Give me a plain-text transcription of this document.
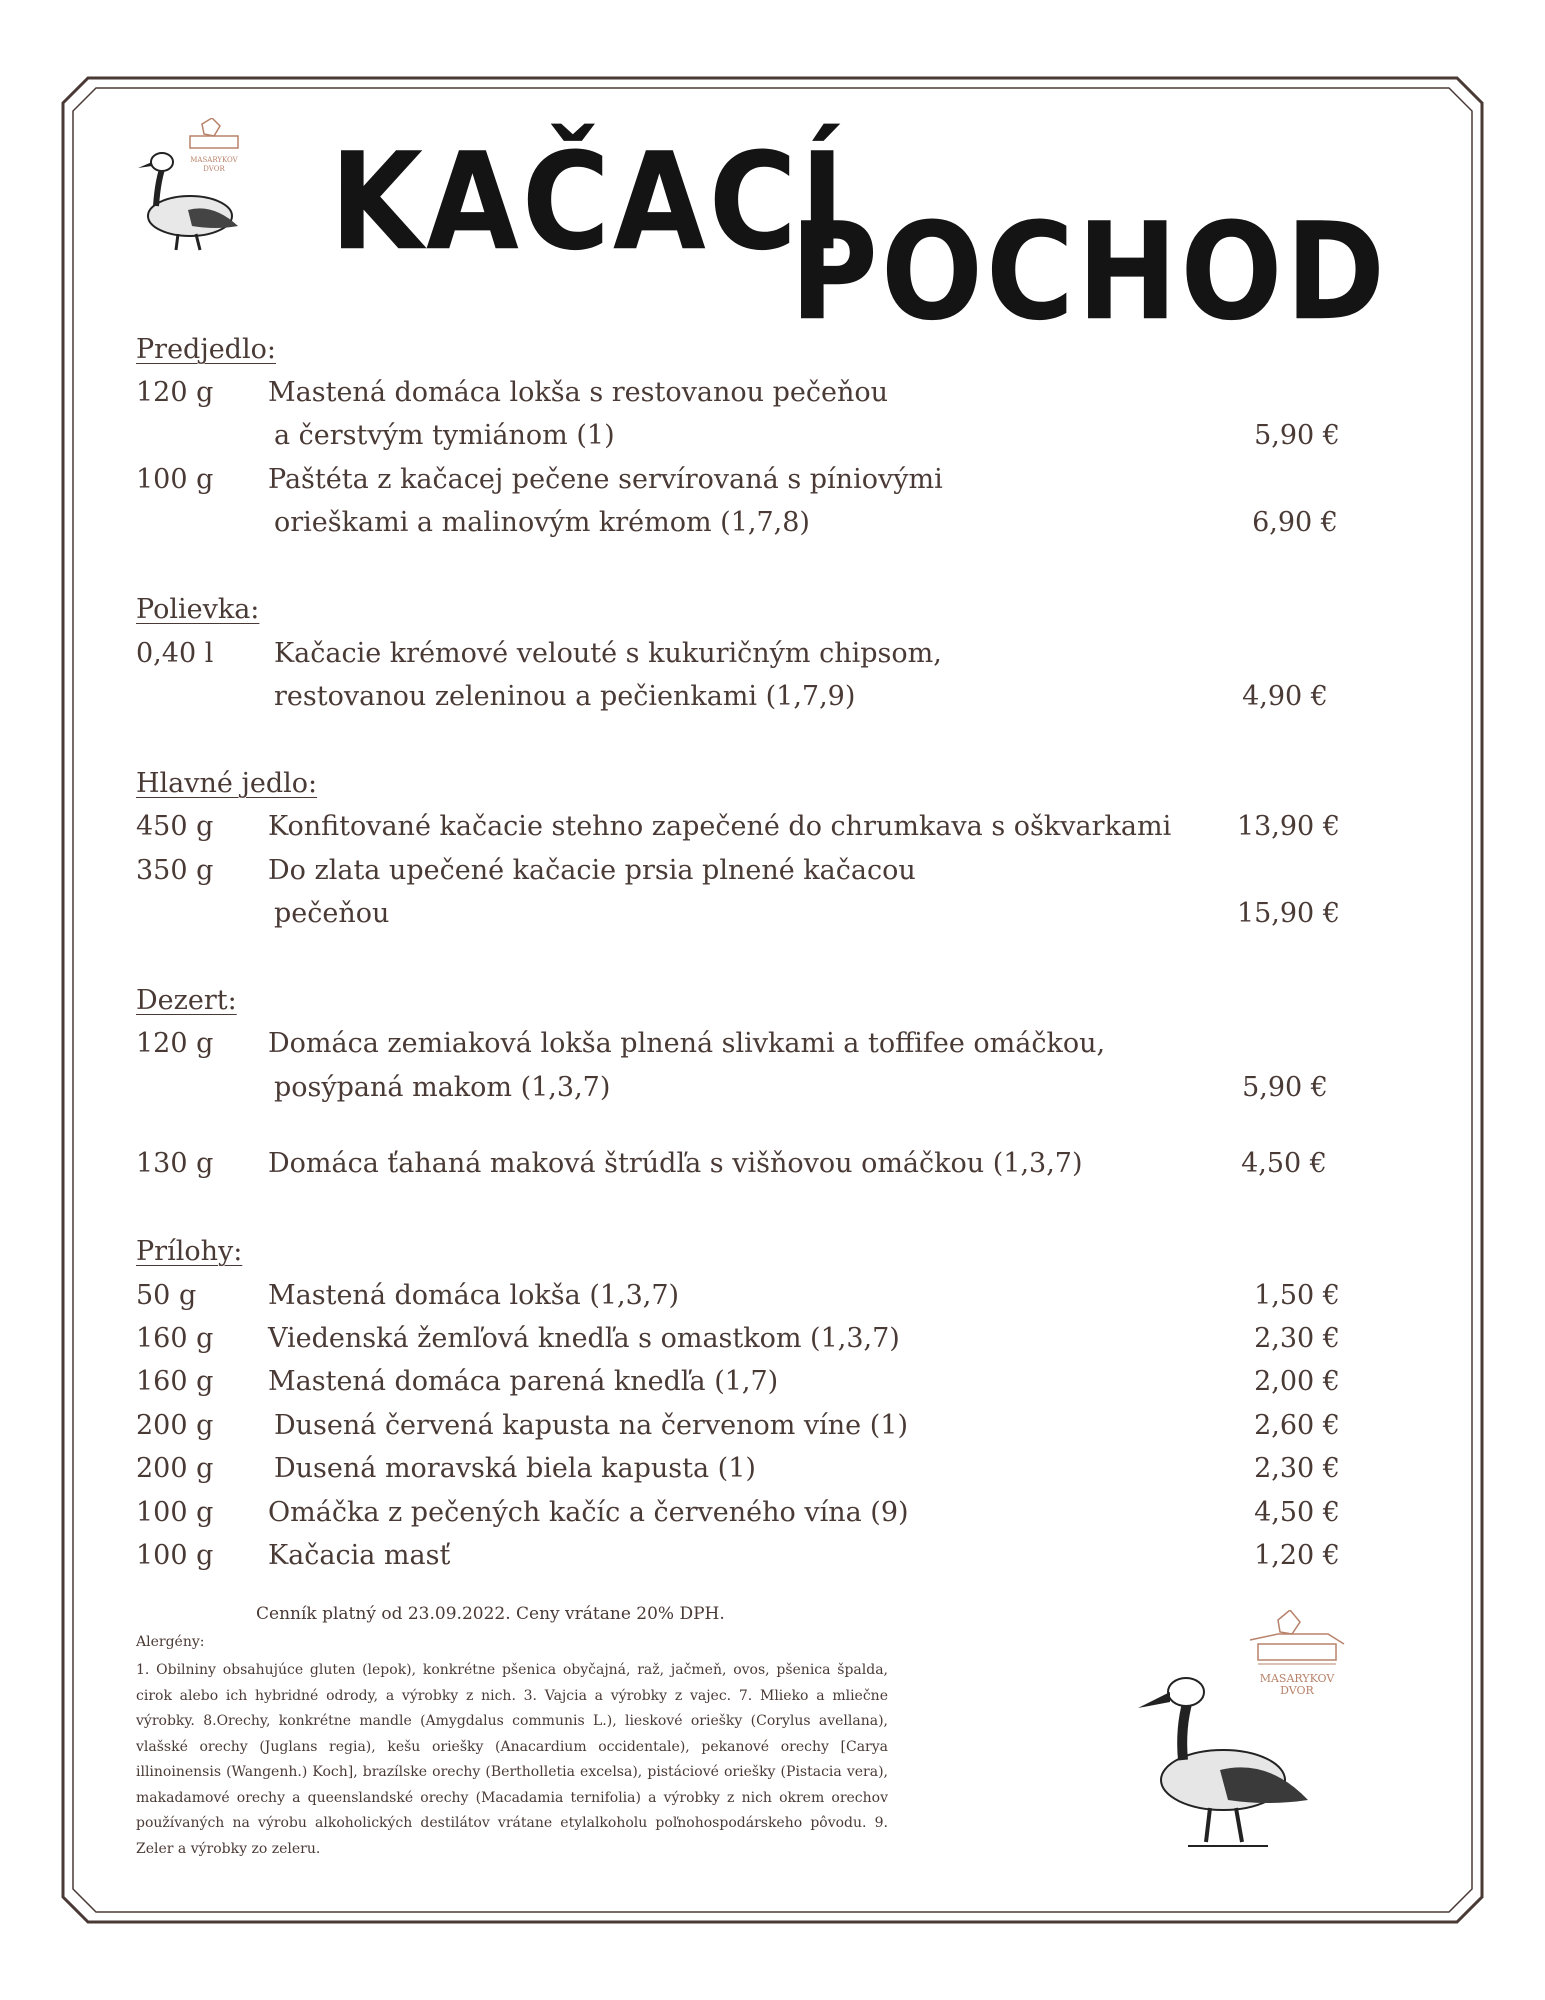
MASARYKOV
DVOR KAČACÍ
POCHOD
Predjedlo:
120 g Mastená domáca lokša s restovanou pečeňou
a čerstvým tymiánom (1)	5,90 €
100 g Paštéta z kačacej pečene servírovaná s píniovými
orieškami a malinovým krémom (1,7,8)	6,90 €
Polievka:
0,40 l Kačacie krémové velouté s kukuričným chipsom,
restovanou zeleninou a pečienkami (1,7,9)	4,90 €
Hlavné jedlo:
450 g Konfitované kačacie stehno zapečené do chrumkava s oškvarkami 13,90 €
350 g Do zlata upečené kačacie prsia plnené kačacou
pečeňou	15,90 €
Dezert:
120 g Domáca zemiaková lokša plnená slivkami a toffifee omáčkou,
posýpaná makom (1,3,7)	5,90 €
130 g Domáca ťahaná maková štrúdľa s višňovou omáčkou (1,3,7)	4,50 €
Prílohy:
50 g	Mastená domáca lokša (1,3,7)	1,50 €
160 g Viedenská žemľová knedľa s omastkom (1,3,7)	2,30 €
160 g Mastená domáca parená knedľa (1,7)	2,00 €
200 g Dusená červená kapusta na červenom víne (1)	2,60 €
200 g Dusená moravská biela kapusta (1)	2,30 €
100 g Omáčka z pečených kačíc a červeného vína (9)	4,50 €
100 g Kačacia masť	1,20 €
Cenník platný od 23.09.2022. Ceny vrátane 20% DPH.
Alergény:
1. Obilniny obsahujúce gluten (lepok), konkrétne pšenica obyčajná, raž, jačmeň, ovos, pšenica špalda, cirok alebo ich hybridné odrody, a výrobky z nich. 3. Vajcia a výrobky z vajec. 7. Mlieko a mliečne výrobky. 8.Orechy, konkrétne mandle (Amygdalus communis L.), lieskové oriešky (Corylus avellana), vlašské orechy (Juglans regia), kešu oriešky (Anacardium occidentale), pekanové orechy [Carya illinoinensis (Wangenh.) Koch], brazílske orechy (Bertholletia excelsa), pistáciové oriešky (Pistacia vera), makadamové orechy a queenslandské orechy (Macadamia ternifolia) a výrobky z nich okrem orechov používaných na výrobu alkoholických destilátov vrátane etylalkoholu poľnohospodárskeho pôvodu. 9. Zeler a výrobky zo zeleru.
MASARYKOV
DVOR
